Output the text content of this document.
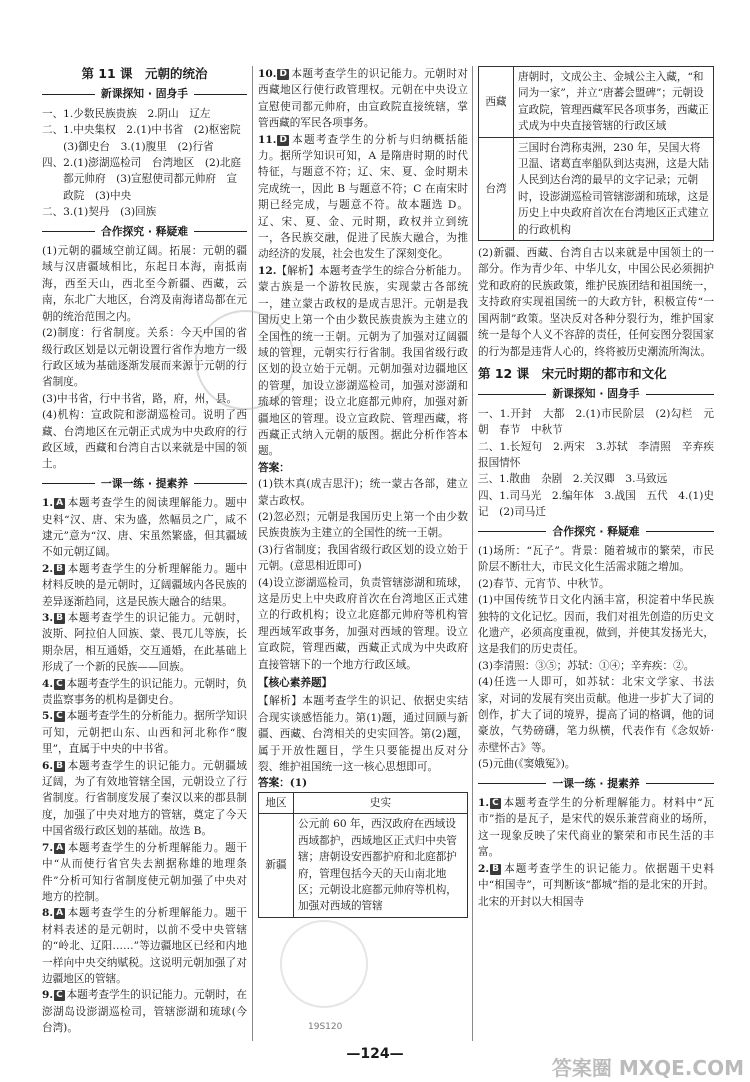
第 11 课　元朝的统治
新课探知 · 固身手

一、1.少数民族贵族　2.阴山　辽左

二、1.中央集权　2.(1)中书省　(2)枢密院

　　(3)御史台　3.(1)腹里　(2)行省

四、2.(1)澎湖巡检司　台湾地区　(2)北庭

　　都元帅府　(3)宣慰使司都元帅府　宣

　　政院　(3)中央

二、3.(1)契丹　(3)回族

合作探究 · 释疑难

(1)元朝的疆域空前辽阔。拓展：元朝的疆域与汉唐疆域相比，东起日本海，南抵南海，西至天山，西北至今新疆、西藏，云南，东北广大地区，台湾及南海诸岛都在元朝的统治范围之内。

(2)制度：行省制度。关系：今天中国的省级行政区划是以元朝设置行省作为地方一级行政区域为基础逐渐发展而来源于元朝的行省制度。

(3)中书省，行中书省，路，府，州，县。

(4)机构：宣政院和澎湖巡检司。说明了西藏、台湾地区在元朝正式成为中央政府的行政区域，西藏和台湾自古以来就是中国的领土。

一课一练 · 提素养

1. A 本题考查学生的阅读理解能力。题中史料“汉、唐、宋为盛，然幅员之广，咸不逮元”意为“汉、唐、宋虽然繁盛，但其疆域不如元朝辽阔。

2. B 本题考查学生的分析理解能力。题中材料反映的是元朝时，辽阔疆域内各民族的差异逐渐趋同，这是民族大融合的结果。

3. B 本题考查学生的识记能力。元朝时，波斯、阿拉伯人回族、蒙、畏兀儿等族，长期杂居，相互通婚，交互通婚，在此基础上形成了一个新的民族——回族。

4. C 本题考查学生的识记能力。元朝时，负责监察事务的机构是御史台。

5. C 本题考查学生的分析能力。据所学知识可知，元朝把山东、山西和河北称作“腹里”，直属于中央的中书省。

6. B 本题考查学生的识记能力。元朝疆域辽阔，为了有效地管辖全国，元朝设立了行省制度。行省制度发展了秦汉以来的郡县制度，加强了中央对地方的管辖，奠定了今天中国省级行政区划的基础。故选 B。

7. A 本题考查学生的分析理解能力。题干中“从而使行省官失去割据称雄的地理条件”分析可知行省制度使元朝加强了中央对地方的控制。

8. A 本题考查学生的分析理解能力。题干材料表述的是元朝时，以前不受中央管辖的“岭北、辽阳……”等边疆地区已经和内地一样向中央交纳赋税。这说明元朝加强了对边疆地区的管辖。

9. C 本题考查学生的识记能力。元朝时，在澎湖岛设澎湖巡检司，管辖澎湖和琉球(今台湾)。

10. D 本题考查学生的识记能力。元朝时对西藏地区行使行政管理权。元朝在中央设立宣慰使司都元帅府，由宣政院直接统辖，掌管西藏的军民各项事务。

11. D 本题考查学生的分析与归纳概括能力。据所学知识可知，A 是隋唐时期的时代特征，与题意不符；辽、宋、夏、金时期未完成统一，因此 B 与题意不符；C 在南宋时期已经完成，与题意不符。故本题选 D。辽、宋、夏、金、元时期，政权并立到统一，各民族交融，促进了民族大融合，为推动经济的发展，社会也发生了深刻变化。

12.【解析】本题考查学生的综合分析能力。蒙古族是一个游牧民族，实现蒙古各部统一，建立蒙古政权的是成吉思汗。元朝是我国历史上第一个由少数民族贵族为主建立的全国性的统一王朝。元朝为了加强对辽阔疆域的管理，元朝实行行省制。我国省级行政区划的设立始于元朝。元朝加强对边疆地区的管理，加设立澎湖巡检司，加强对澎湖和琉球的管理；设立北庭都元帅府，加强对新疆地区的管理。设立宣政院、管理西藏，将西藏正式纳入元朝的版图。据此分析作答本题。

答案：

(1)铁木真(成吉思汗)；统一蒙古各部，建立蒙古政权。

(2)忽必烈；元朝是我国历史上第一个由少数民族贵族为主建立的全国性的统一王朝。

(3)行省制度；我国省级行政区划的设立始于元朝。(意思相近即可)

(4)设立澎湖巡检司，负责管辖澎湖和琉球，这是历史上中央政府首次在台湾地区正式建立的行政机构；设立北庭都元帅府等机构管理西域军政事务，加强对西域的管理。设立宣政院，管理西藏，西藏正式成为中央政府直接管辖下的一个地方行政区域。

【核心素养题】

【解析】本题考查学生的识记、依据史实结合现实谈感悟能力。第(1)题，通过回顾与新疆、西藏、台湾相关的史实回答。第(2)题，属于开放性题目，学生只要能提出反对分裂、维护祖国统一这一核心思想即可。

答案：(1)

地区	史实
新疆	公元前 60 年，西汉政府在西域设西域都护，西域地区正式归中央管辖；唐朝设安西都护府和北庭都护府，管理包括今天的天山南北地区；元朝设北庭都元帅府等机构，加强对西域的管辖
西藏	唐朝时，文成公主、金城公主入藏，“和同为一家”，并立“唐蕃会盟碑”；元朝设宣政院，管理西藏军民各项事务，西藏正式成为中央直接管辖的行政区域
台湾	三国时台湾称夷洲，230 年，吴国大将卫温、诸葛直率船队到达夷洲，这是大陆人民到达台湾的最早的文字记录；元朝时，设澎湖巡检司管辖澎湖和琉球，这是历史上中央政府首次在台湾地区正式建立的行政机构

(2)新疆、西藏、台湾自古以来就是中国领土的一部分。作为青少年、中华儿女，中国公民必须拥护党和政府的民族政策，维护民族团结和祖国统一，支持政府实现祖国统一的大政方针，积极宣传“一国两制”政策。坚决反对各种分裂行为，维护国家统一是每个人义不容辞的责任，任何妄图分裂国家的行为都是违背人心的，终将被历史潮流所淘汰。

第 12 课　宋元时期的都市和文化
新课探知 · 固身手

一、1.开封　大都　2.(1)市民阶层　(2)勾栏　元朝　春节　中秋节

二、1.长短句　2.两宋　3.苏轼　李清照　辛弃疾　报国情怀

三、1.散曲　杂剧　2.关汉卿　3.马致远

四、1.司马光　2.编年体　3.战国　五代　4.(1)史记　(2)司马迁

合作探究 · 释疑难

(1)场所：“瓦子”。背景：随着城市的繁荣，市民阶层不断壮大，市民文化生活需求随之增加。

(2)春节、元宵节、中秋节。

(1)中国传统节日文化内涵丰富，积淀着中华民族独特的文化记忆。因而，我们对祖先创造的历史文化遗产，必须高度重视，做到，并使其发扬光大，这是我们的历史责任。

(3)李清照：③⑤；苏轼：①④；辛弃疾：②。

(4)任选一人即可，如苏轼：北宋文学家、书法家，对词的发展有突出贡献。他进一步扩大了词的创作，扩大了词的境界，提高了词的格调，他的词豪放，气势磅礴，笔力纵横，代表作有《念奴娇·赤壁怀古》等。

(5)元曲(《窦娥冤》)。

一课一练 · 提素养

1. C 本题考查学生的分析理解能力。材料中“瓦市”指的是瓦子，是宋代的娱乐兼营商业的场所，这一现象反映了宋代商业的繁荣和市民生活的丰富。

2. B 本题考查学生的识记能力。依据题干史料中“相国寺”，可判断该“都城”指的是北宋的开封。北宋的开封以大相国寺

19S120
—124—
答案圈 MXQE.COM
